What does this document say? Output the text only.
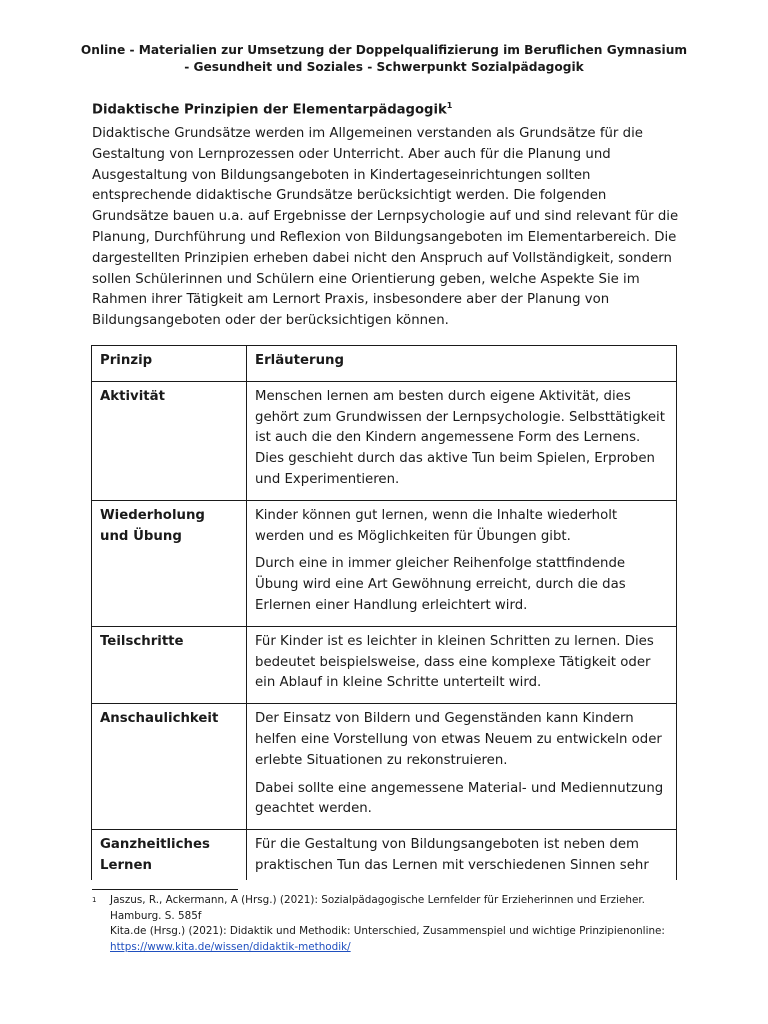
Online - Materialien zur Umsetzung der Doppelqualifizierung im Beruflichen Gymnasium
- Gesundheit und Soziales - Schwerpunkt Sozialpädagogik
Didaktische Prinzipien der Elementarpädagogik$^1$

Didaktische Grundsätze werden im Allgemeinen verstanden als Grundsätze für die Gestaltung von Lernprozessen oder Unterricht. Aber auch für die Planung und Ausgestaltung von Bildungsangeboten in Kindertageseinrichtungen sollten entsprechende didaktische Grundsätze berücksichtigt werden. Die folgenden Grundsätze bauen u.a. auf Ergebnisse der Lernpsychologie auf und sind relevant für die Planung, Durchführung und Reflexion von Bildungsangeboten im Elementarbereich. Die dargestellten Prinzipien erheben dabei nicht den Anspruch auf Vollständigkeit, sondern sollen Schülerinnen und Schülern eine Orientierung geben, welche Aspekte Sie im Rahmen ihrer Tätigkeit am Lernort Praxis, insbesondere aber der Planung von Bildungsangeboten oder der berücksichtigen können.

Prinzip	Erläuterung
Aktivität	Menschen lernen am besten durch eigene Aktivität, dies gehört zum Grundwissen der Lernpsychologie. Selbsttätigkeit ist auch die den Kindern angemessene Form des Lernens. Dies geschieht durch das aktive Tun beim Spielen, Erproben und Experimentieren.

Wiederholung und Übung	Kinder können gut lernen, wenn die Inhalte wiederholt werden und es Möglichkeiten für Übungen gibt.

Durch eine in immer gleicher Reihenfolge stattfindende Übung wird eine Art Gewöhnung erreicht, durch die das Erlernen einer Handlung erleichtert wird.

Teilschritte	Für Kinder ist es leichter in kleinen Schritten zu lernen. Dies bedeutet beispielsweise, dass eine komplexe Tätigkeit oder ein Ablauf in kleine Schritte unterteilt wird.

Anschaulichkeit	Der Einsatz von Bildern und Gegenständen kann Kindern helfen eine Vorstellung von etwas Neuem zu entwickeln oder erlebte Situationen zu rekonstruieren.

Dabei sollte eine angemessene Material- und Mediennutzung geachtet werden.

Ganzheitliches Lernen	Für die Gestaltung von Bildungsangeboten ist neben dem praktischen Tun das Lernen mit verschiedenen Sinnen sehr

1 Jaszus, R., Ackermann, A (Hrsg.) (2021): Sozialpädagogische Lernfelder für Erzieherinnen und Erzieher. Hamburg. S. 585f
Kita.de (Hrsg.) (2021): Didaktik und Methodik: Unterschied, Zusammenspiel und wichtige Prinzipienonline:
https://www.kita.de/wissen/didaktik-methodik/
